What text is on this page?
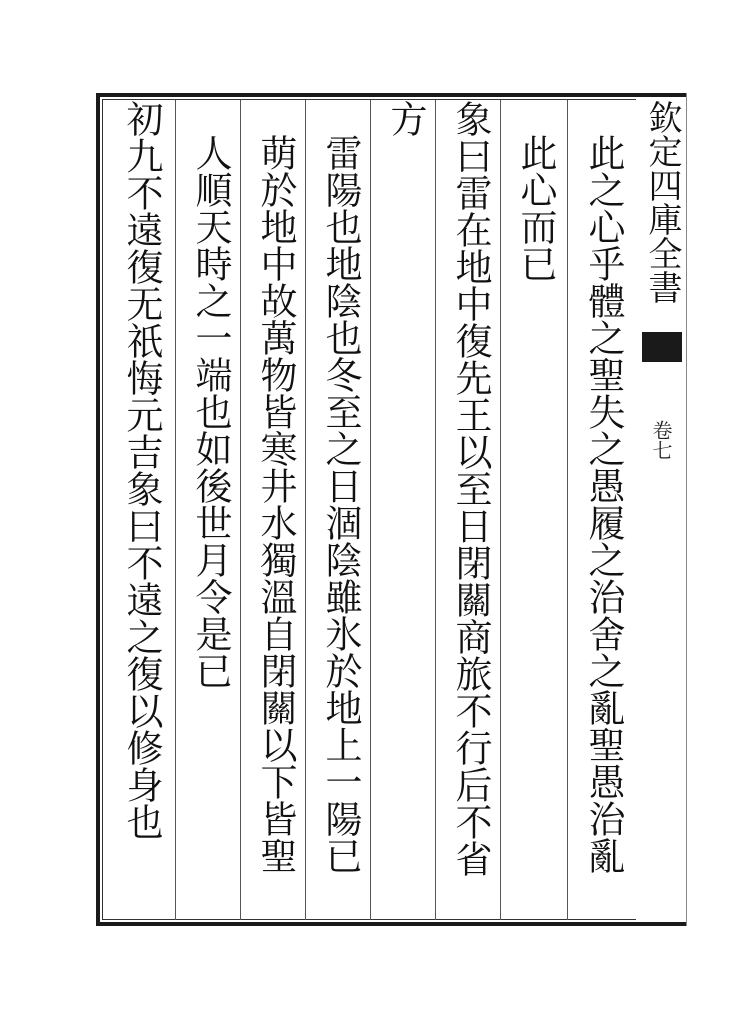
此之心乎體之聖失之愚履之治舍之亂聖愚治亂
此心而已
象曰雷在地中復先王以至日閉關商旅不行后不省
方
雷陽也地陰也冬至之日涸陰雖氷於地上一陽已
萌於地中故萬物皆寒井水獨溫自閉關以下皆聖
人順天時之一端也如後世月令是已
初九不遠復无祇悔元吉象曰不遠之復以修身也	欽定四庫全書
卷七
